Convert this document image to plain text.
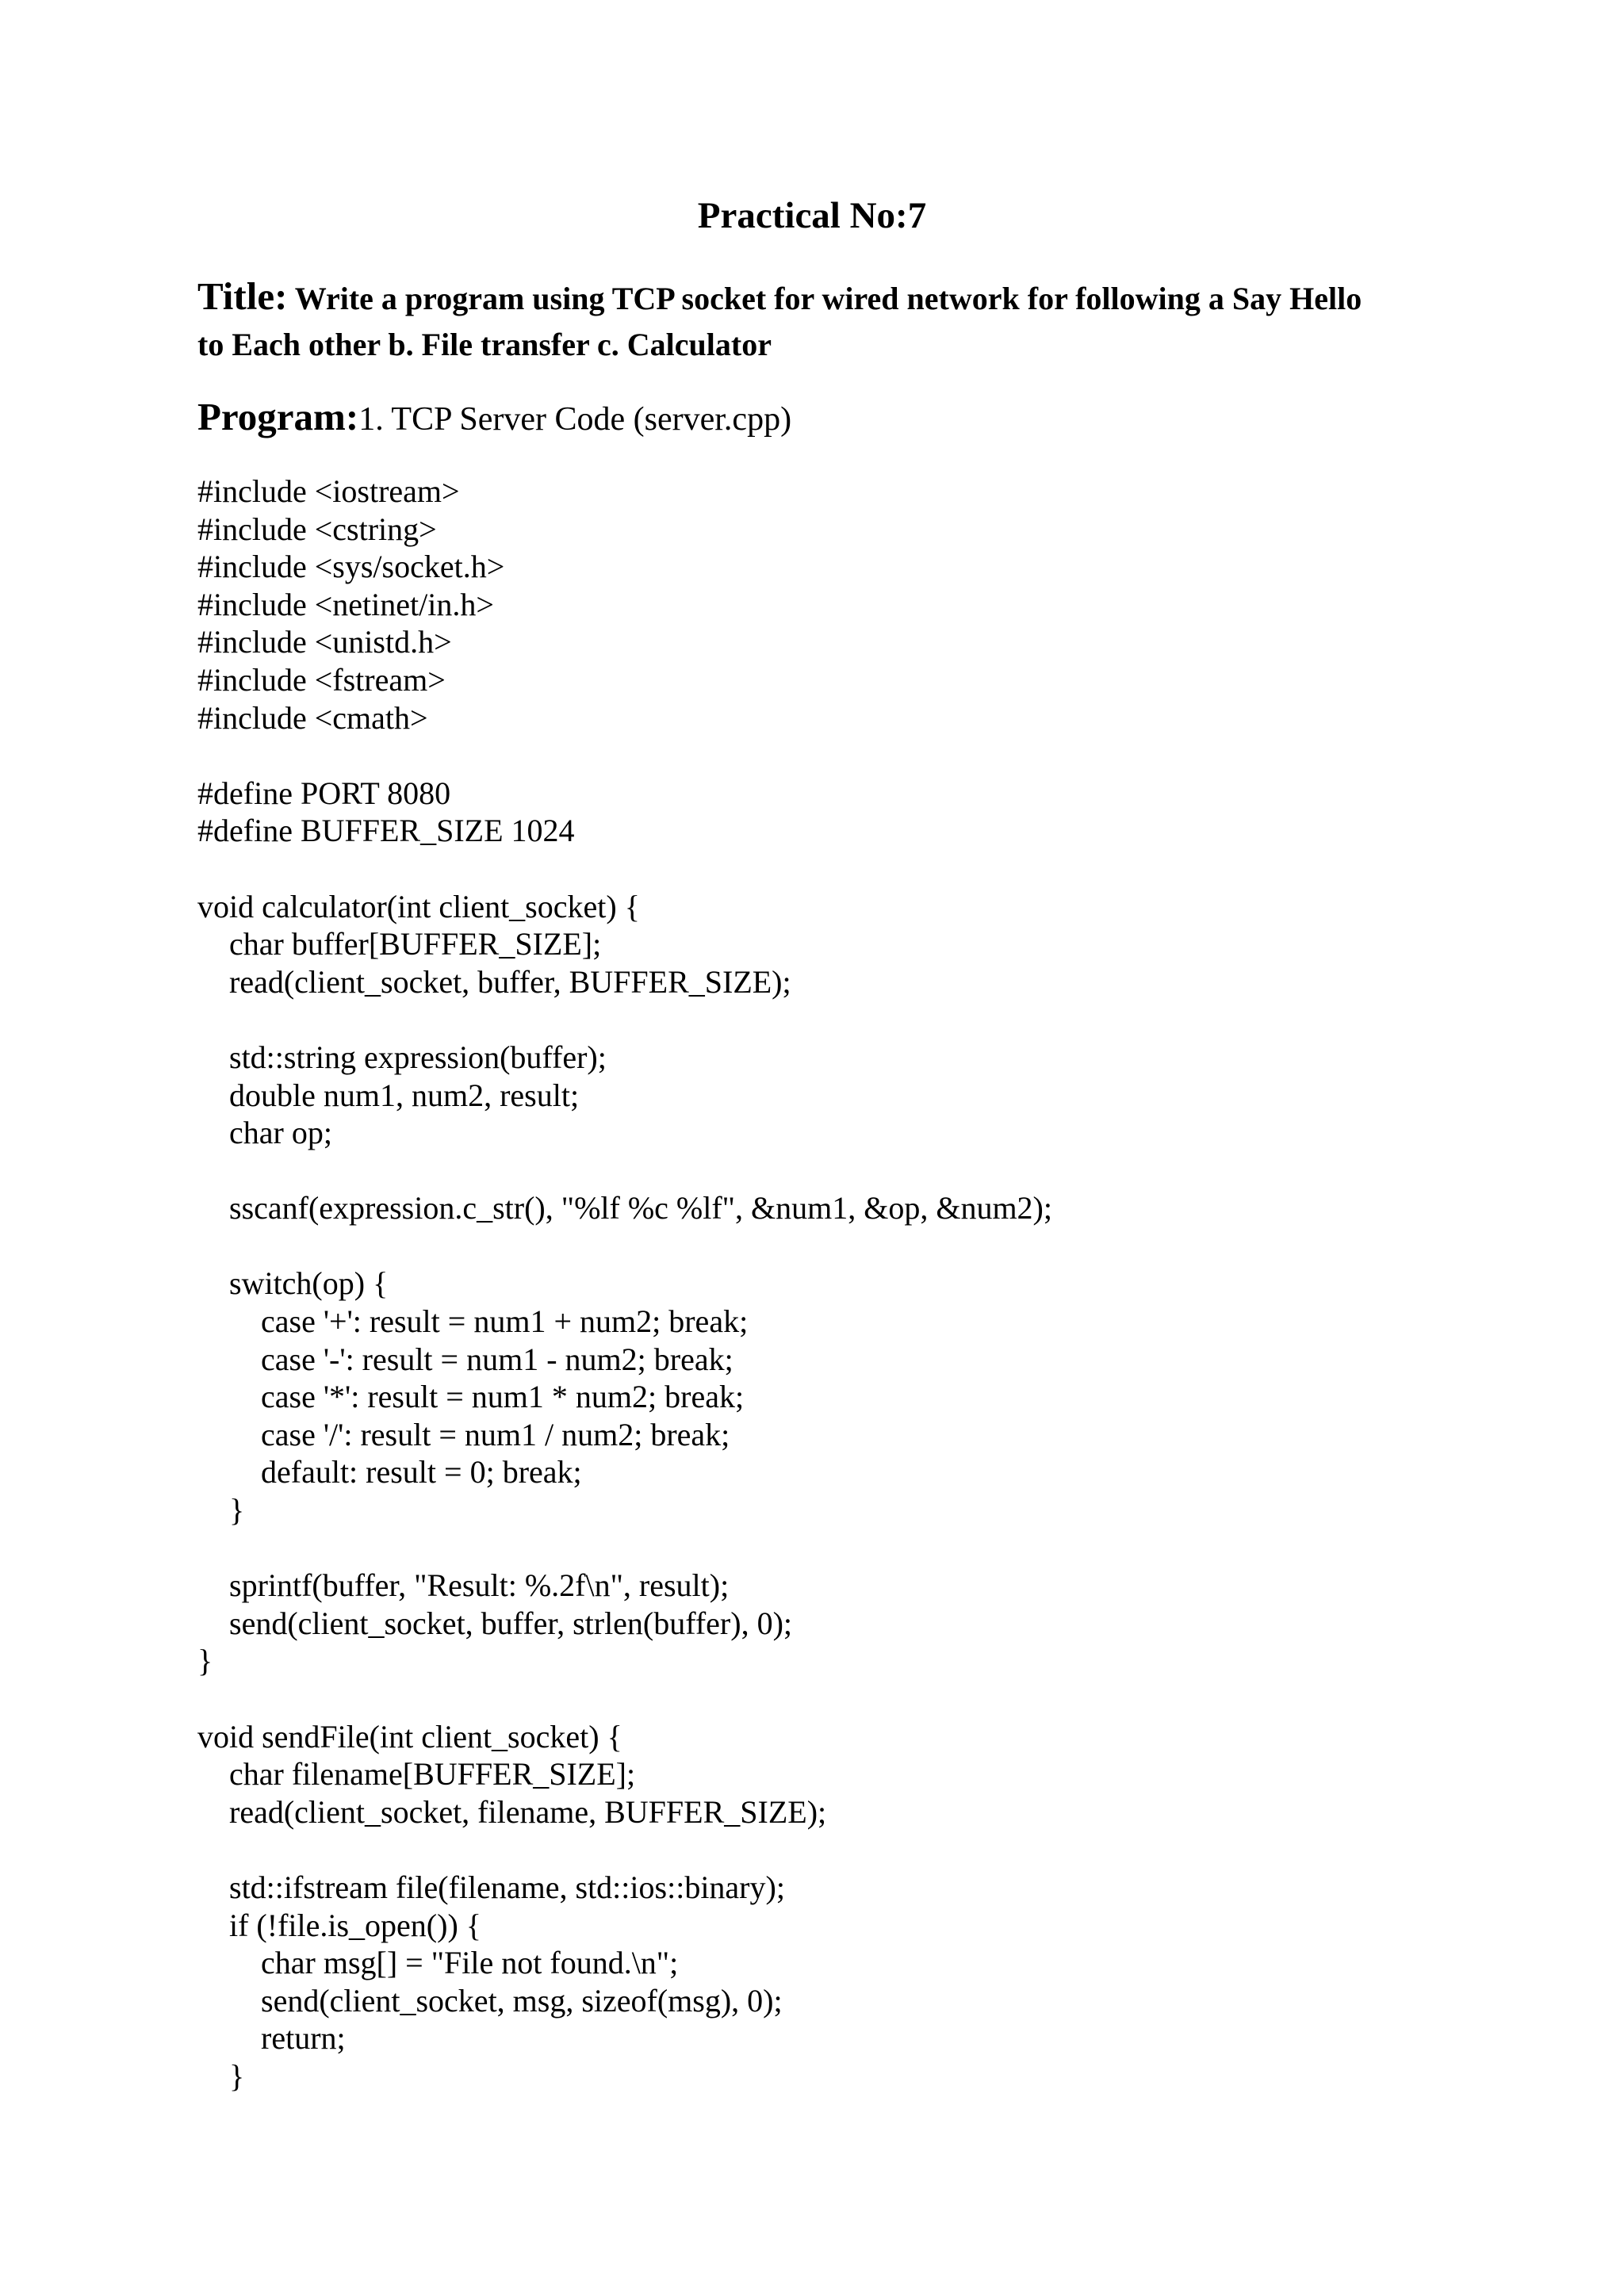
Practical No:7
Title: Write a program using TCP socket for wired network for following a Say Hello
to Each other b. File transfer c. Calculator
Program:1. TCP Server Code (server.cpp)
#include <iostream>
#include <cstring>
#include <sys/socket.h>
#include <netinet/in.h>
#include <unistd.h>
#include <fstream>
#include <cmath>
#define PORT 8080
#define BUFFER_SIZE 1024
void calculator(int client_socket) {
char buffer[BUFFER_SIZE];
read(client_socket, buffer, BUFFER_SIZE);
std::string expression(buffer);
double num1, num2, result;
char op;
sscanf(expression.c_str(), "%lf %c %lf", &num1, &op, &num2);
switch(op) {
case '+': result = num1 + num2; break;
case '-': result = num1 - num2; break;
case '*': result = num1 * num2; break;
case '/': result = num1 / num2; break;
default: result = 0; break;
}
sprintf(buffer, "Result: %.2f\n", result);
send(client_socket, buffer, strlen(buffer), 0);
}
void sendFile(int client_socket) {
char filename[BUFFER_SIZE];
read(client_socket, filename, BUFFER_SIZE);
std::ifstream file(filename, std::ios::binary);
if (!file.is_open()) {
char msg[] = "File not found.\n";
send(client_socket, msg, sizeof(msg), 0);
return;
}
